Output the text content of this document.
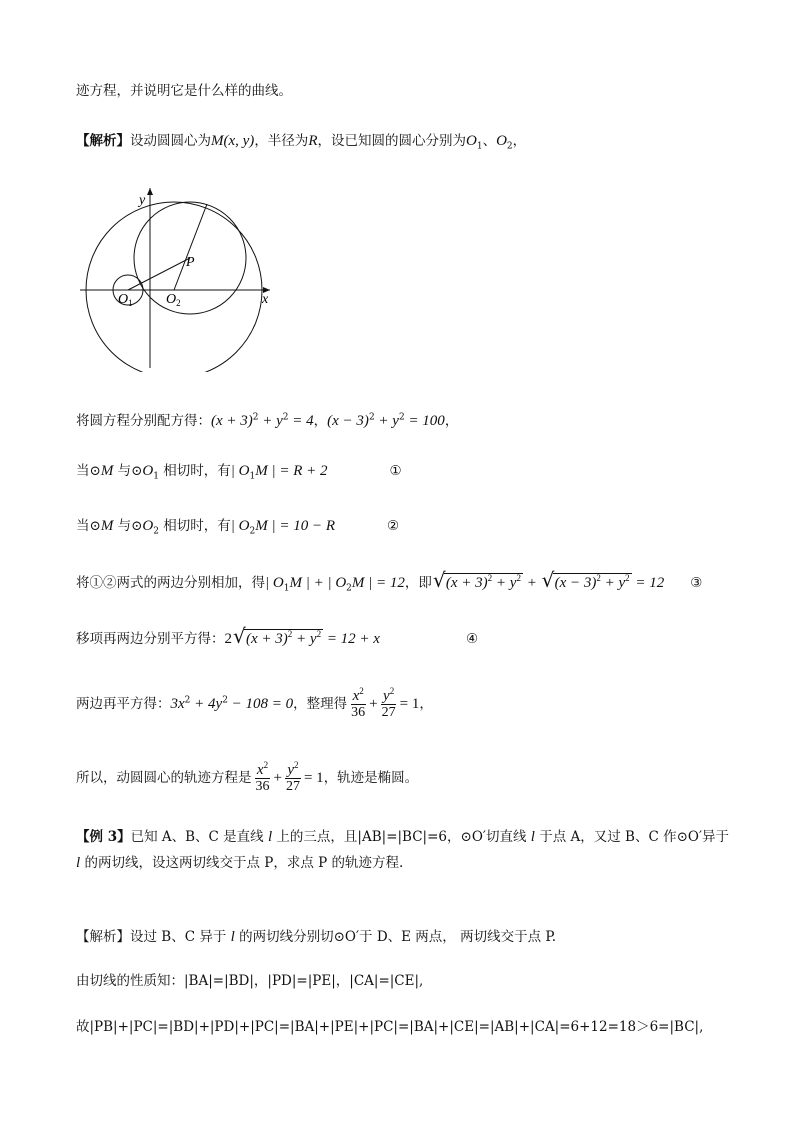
迹方程，并说明它是什么样的曲线。
【解析】设动圆圆心为M(x, y)，半径为R，设已知圆的圆心分别为$O_1$、$O_2$，
y
x
P
$O_1$ $O_2$
将圆方程分别配方得：$(x + 3)^2 + y^2 = 4$，$(x - 3)^2 + y^2 = 100$，
当⊙M 与$⊙O_1$ 相切时，有| $O_1M$ | = R + 2	①
当⊙M 与$⊙O_2$ 相切时，有| $O_2M$ | = 10 − R	②
将①②两式的两边分别相加，得| $O_1M$ | + | $O_2M$ | = 12，即 √ $(x + 3)^2 + y^2$ + √ $(x - 3)^2 + y^2 = 12$ ③
移项再两边分别平方得：2 √ $(x + 3)^2 + y^2 = 12 + x$	④
两边再平方得：$3x^2 + 4y^2 - 108 = 0$，整理得 $\frac{x^2}{36} + \frac{y^2}{27} = 1$，
所以，动圆圆心的轨迹方程是 $\frac{x^2}{36} + \frac{y^2}{27} = 1$，轨迹是椭圆。
【例 3】已知 A、B、C 是直线 l 上的三点，且|AB|=|BC|=6，⊙O′切直线 l 于点 A，又过 B、C 作⊙O′异于
l 的两切线，设这两切线交于点 P，求点 P 的轨迹方程.
【解析】设过 B、C 异于 l 的两切线分别切⊙O′于 D、E 两点， 两切线交于点 P.
由切线的性质知：|BA|=|BD|，|PD|=|PE|，|CA|=|CE|,
故|PB|+|PC|=|BD|+|PD|+|PC|=|BA|+|PE|+|PC|=|BA|+|CE|=|AB|+|CA|=6+12=18＞6=|BC|,
